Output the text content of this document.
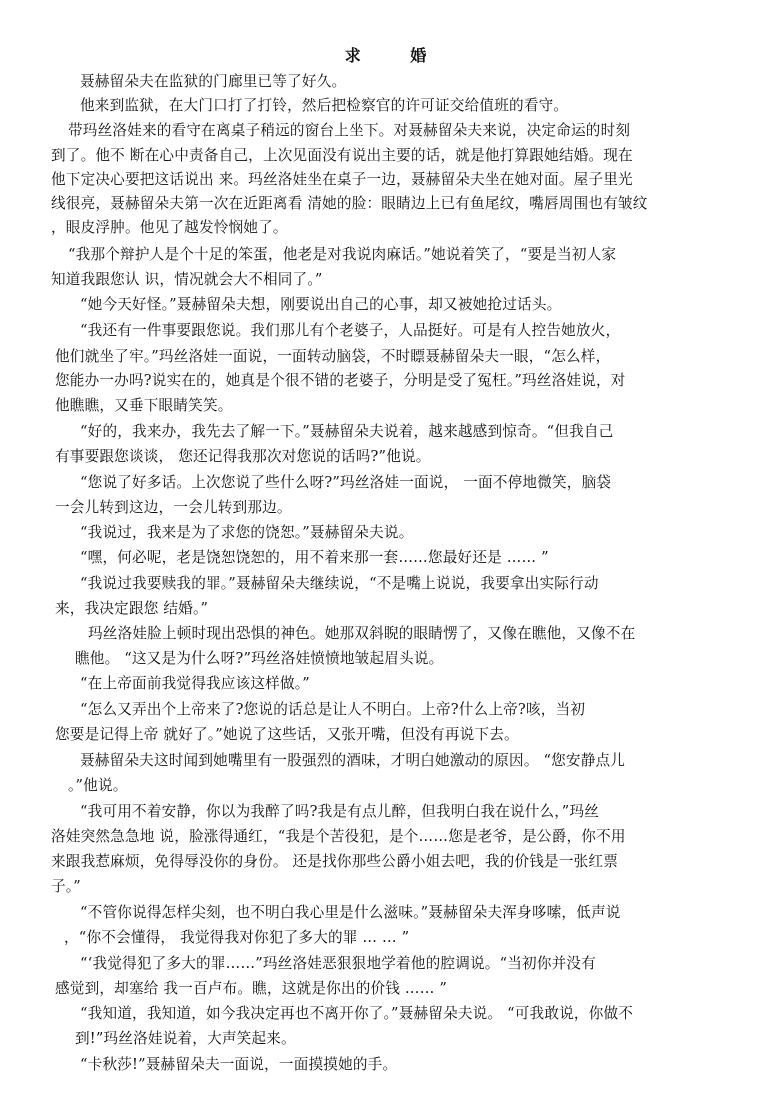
求 婚
聂赫留朵夫在监狱的门廊里已等了好久。
他来到监狱，在大门口打了打铃，然后把检察官的许可证交给值班的看守。
带玛丝洛娃来的看守在离桌子稍远的窗台上坐下。对聂赫留朵夫来说，决定命运的时刻
到了。他不 断在心中责备自己，上次见面没有说出主要的话，就是他打算跟她结婚。现在
他下定决心要把这话说出 来。玛丝洛娃坐在桌子一边，聂赫留朵夫坐在她对面。屋子里光
线很亮，聂赫留朵夫第一次在近距离看 清她的脸：眼睛边上已有鱼尾纹，嘴唇周围也有皱纹
，眼皮浮肿。他见了越发怜悯她了。
“我那个辩护人是个十足的笨蛋，他老是对我说肉麻话。”她说着笑了，“要是当初人家
知道我跟您认 识，情况就会大不相同了。”
“她今天好怪。”聂赫留朵夫想，刚要说出自己的心事，却又被她抢过话头。
“我还有一件事要跟您说。我们那儿有个老婆子，人品挺好。可是有人控告她放火，
他们就坐了牢。”玛丝洛娃一面说，一面转动脑袋，不时瞟聂赫留朵夫一眼，“怎么样，
您能办一办吗?说实在的，她真是个很不错的老婆子，分明是受了冤枉。”玛丝洛娃说，对
他瞧瞧，又垂下眼睛笑笑。
“好的，我来办，我先去了解一下。”聂赫留朵夫说着，越来越感到惊奇。“但我自己
有事要跟您谈谈， 您还记得我那次对您说的话吗?”他说。
“您说了好多话。上次您说了些什么呀?”玛丝洛娃一面说， 一面不停地微笑，脑袋
一会儿转到这边，一会儿转到那边。
“我说过，我来是为了求您的饶恕。”聂赫留朵夫说。
“嘿，何必呢，老是饶恕饶恕的，用不着来那一套……您最好还是 …… ”
“我说过我要赎我的罪。”聂赫留朵夫继续说，“不是嘴上说说，我要拿出实际行动
来，我决定跟您 结婚。”
玛丝洛娃脸上顿时现出恐惧的神色。她那双斜睨的眼睛愣了，又像在瞧他，又像不在
瞧他。 “这又是为什么呀?”玛丝洛娃愤愤地皱起眉头说。
“在上帝面前我觉得我应该这样做。”
“怎么又弄出个上帝来了?您说的话总是让人不明白。上帝?什么上帝?咳，当初
您要是记得上帝 就好了。”她说了这些话，又张开嘴，但没有再说下去。
聂赫留朵夫这时闻到她嘴里有一股强烈的酒味，才明白她激动的原因。 “您安静点儿
。”他说。
“我可用不着安静，你以为我醉了吗?我是有点儿醉，但我明白我在说什么，”玛丝
洛娃突然急急地 说，脸涨得通红，“我是个苦役犯，是个……您是老爷，是公爵，你不用
来跟我惹麻烦，免得辱没你的身份。 还是找你那些公爵小姐去吧，我的价钱是一张红票
子。”
“不管你说得怎样尖刻，也不明白我心里是什么滋味。”聂赫留朵夫浑身哆嗦，低声说
，“你不会懂得， 我觉得我对你犯了多大的罪 … … ”
“‘我觉得犯了多大的罪……”玛丝洛娃恶狠狠地学着他的腔调说。“当初你并没有
感觉到，却塞给 我一百卢布。瞧，这就是你出的价钱 …… ”
“我知道，我知道，如今我决定再也不离开你了。”聂赫留朵夫说。 “可我敢说，你做不
到!”玛丝洛娃说着，大声笑起来。
“卡秋莎!”聂赫留朵夫一面说，一面摸摸她的手。
